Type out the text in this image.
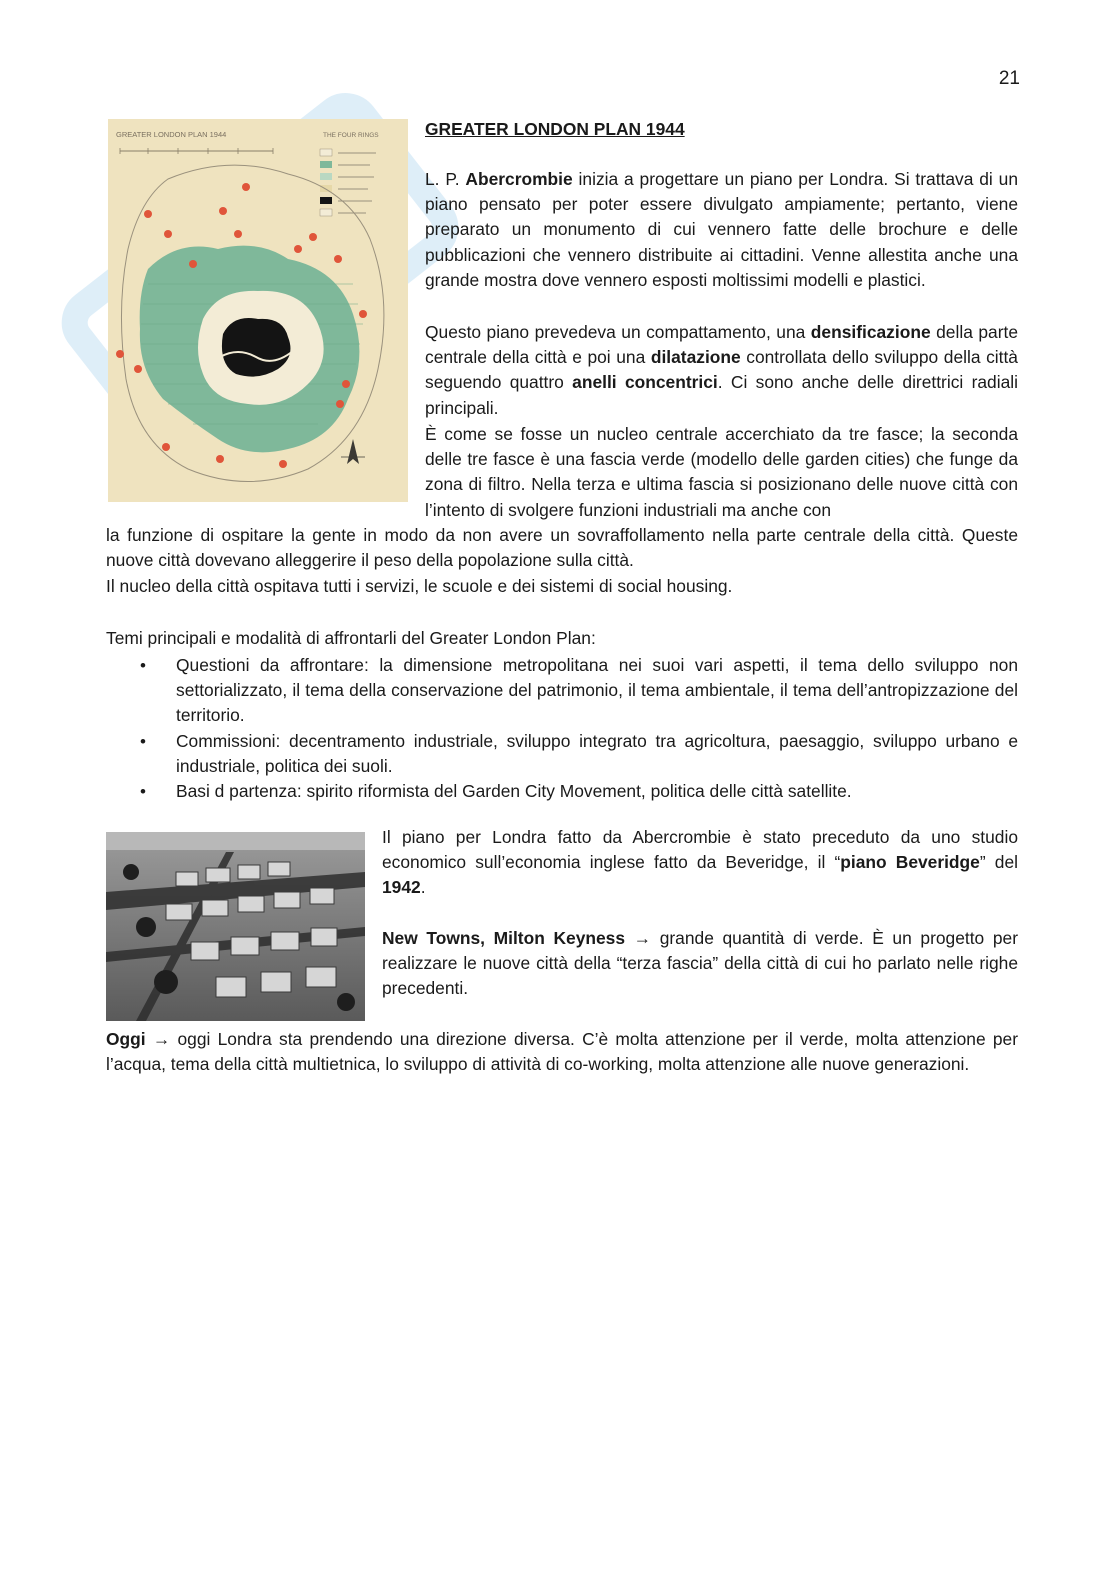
21
GREATER LONDON PLAN 1944	THE FOUR RINGS	GREATER LONDON PLAN 1944

L. P. Abercrombie inizia a progettare un piano per Londra. Si trattava di un piano pensato per poter essere divulgato ampiamente; pertanto, viene preparato un monumento di cui vennero fatte delle brochure e delle pubblicazioni che vennero distribuite ai cittadini. Venne allestita anche una grande mostra dove vennero esposti moltissimi modelli e plastici.

Questo piano prevedeva un compattamento, una densificazione della parte centrale della città e poi una dilatazione controllata dello sviluppo della città seguendo quattro anelli concentrici. Ci sono anche delle direttrici radiali principali.

È come se fosse un nucleo centrale accerchiato da tre fasce; la seconda delle tre fasce è una fascia verde (modello delle garden cities) che funge da zona di filtro. Nella terza e ultima fascia si posizionano delle nuove città con l’intento di svolgere funzioni industriali ma anche con

la funzione di ospitare la gente in modo da non avere un sovraffollamento nella parte centrale della città. Queste nuove città dovevano alleggerire il peso della popolazione sulla città.

Il nucleo della città ospitava tutti i servizi, le scuole e dei sistemi di social housing.

Temi principali e modalità di affrontarli del Greater London Plan:

• Questioni da affrontare: la dimensione metropolitana nei suoi vari aspetti, il tema dello sviluppo non settorializzato, il tema della conservazione del patrimonio, il tema ambientale, il tema dell’antropizzazione del territorio.
• Commissioni: decentramento industriale, sviluppo integrato tra agricoltura, paesaggio, sviluppo urbano e industriale, politica dei suoli.
• Basi d partenza: spirito riformista del Garden City Movement, politica delle città satellite.

Il piano per Londra fatto da Abercrombie è stato preceduto da uno studio economico sull’economia inglese fatto da Beveridge, il “piano Beveridge” del 1942.

New Towns, Milton Keyness → grande quantità di verde. È un progetto per realizzare le nuove città della “terza fascia” della città di cui ho parlato nelle righe precedenti.

Oggi → oggi Londra sta prendendo una direzione diversa. C’è molta attenzione per il verde, molta attenzione per l’acqua, tema della città multietnica, lo sviluppo di attività di co-working, molta attenzione alle nuove generazioni.
